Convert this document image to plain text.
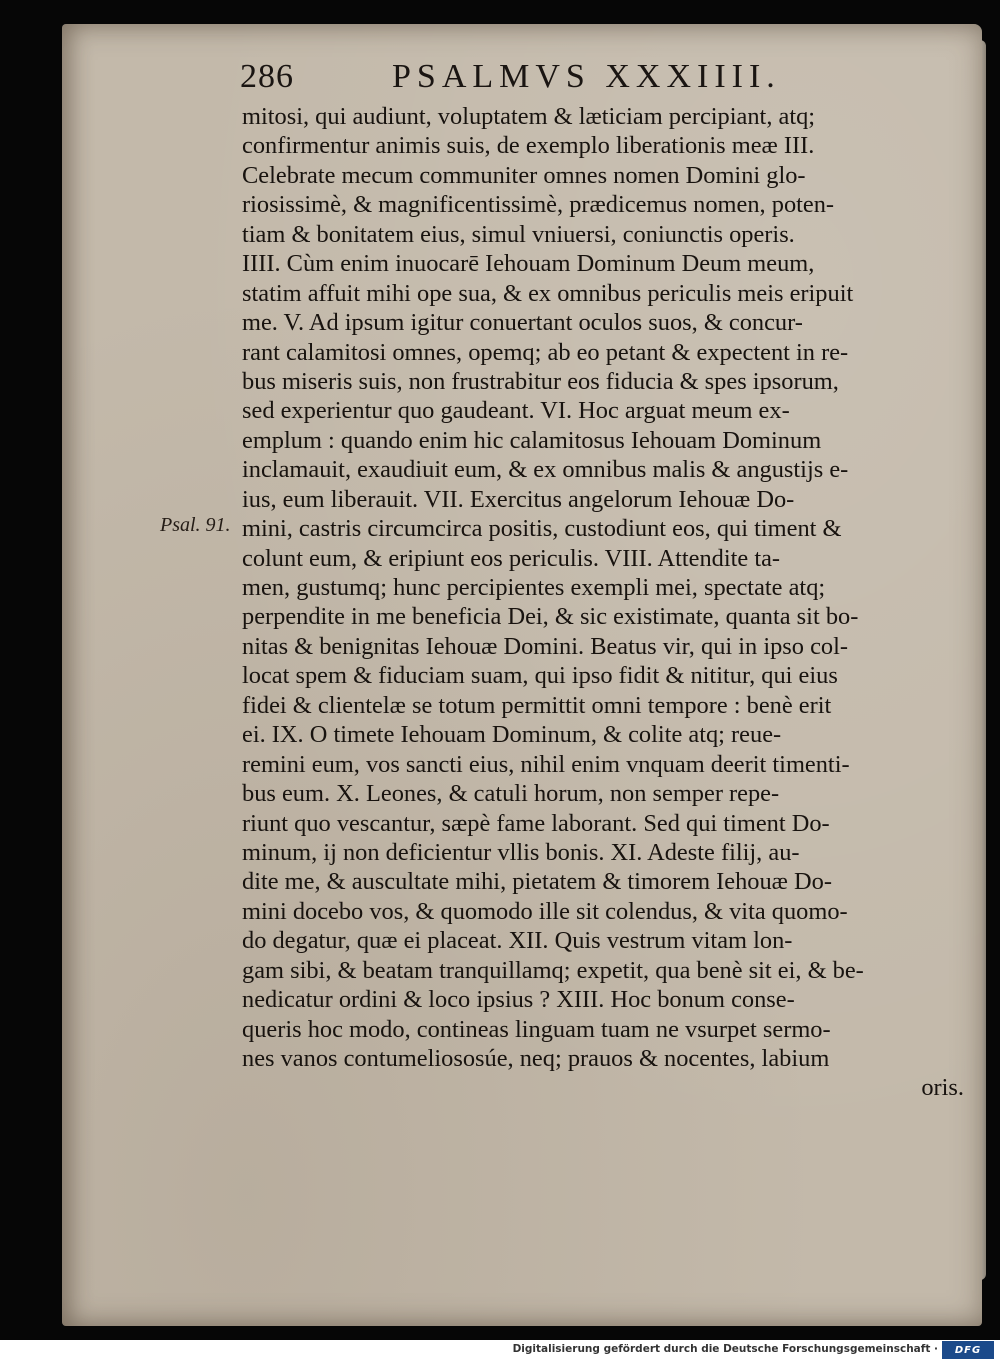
286	PSALMVS XXXIIII.
Psal. 91.
mitosi, qui audiunt, voluptatem & læticiam percipiant, atq;
confirmentur animis suis, de exemplo liberationis meæ III.
Celebrate mecum communiter omnes nomen Domini glo-
riosissimè, & magnificentissimè, prædicemus nomen, poten-
tiam & bonitatem eius, simul vniuersi, coniunctis operis.
IIII. Cùm enim inuocarē Iehouam Dominum Deum meum,
statim affuit mihi ope sua, & ex omnibus periculis meis eripuit
me. V. Ad ipsum igitur conuertant oculos suos, & concur-
rant calamitosi omnes, opemq; ab eo petant & expectent in re-
bus miseris suis, non frustrabitur eos fiducia & spes ipsorum,
sed experientur quo gaudeant. VI. Hoc arguat meum ex-
emplum : quando enim hic calamitosus Iehouam Dominum
inclamauit, exaudiuit eum, & ex omnibus malis & angustijs e-
ius, eum liberauit. VII. Exercitus angelorum Iehouæ Do-
mini, castris circumcirca positis, custodiunt eos, qui timent &
colunt eum, & eripiunt eos periculis. VIII. Attendite ta-
men, gustumq; hunc percipientes exempli mei, spectate atq;
perpendite in me beneficia Dei, & sic existimate, quanta sit bo-
nitas & benignitas Iehouæ Domini. Beatus vir, qui in ipso col-
locat spem & fiduciam suam, qui ipso fidit & nititur, qui eius
fidei & clientelæ se totum permittit omni tempore : benè erit
ei. IX. O timete Iehouam Dominum, & colite atq; reue-
remini eum, vos sancti eius, nihil enim vnquam deerit timenti-
bus eum. X. Leones, & catuli horum, non semper repe-
riunt quo vescantur, sæpè fame laborant. Sed qui timent Do-
minum, ij non deficientur vllis bonis. XI. Adeste filij, au-
dite me, & auscultate mihi, pietatem & timorem Iehouæ Do-
mini docebo vos, & quomodo ille sit colendus, & vita quomo-
do degatur, quæ ei placeat. XII. Quis vestrum vitam lon-
gam sibi, & beatam tranquillamq; expetit, qua benè sit ei, & be-
nedicatur ordini & loco ipsius ? XIII. Hoc bonum conse-
queris hoc modo, contineas linguam tuam ne vsurpet sermo-
nes vanos contumeliososúe, neq; prauos & nocentes, labium
oris.
Digitalisierung gefördert durch die Deutsche Forschungsgemeinschaft · DFG
